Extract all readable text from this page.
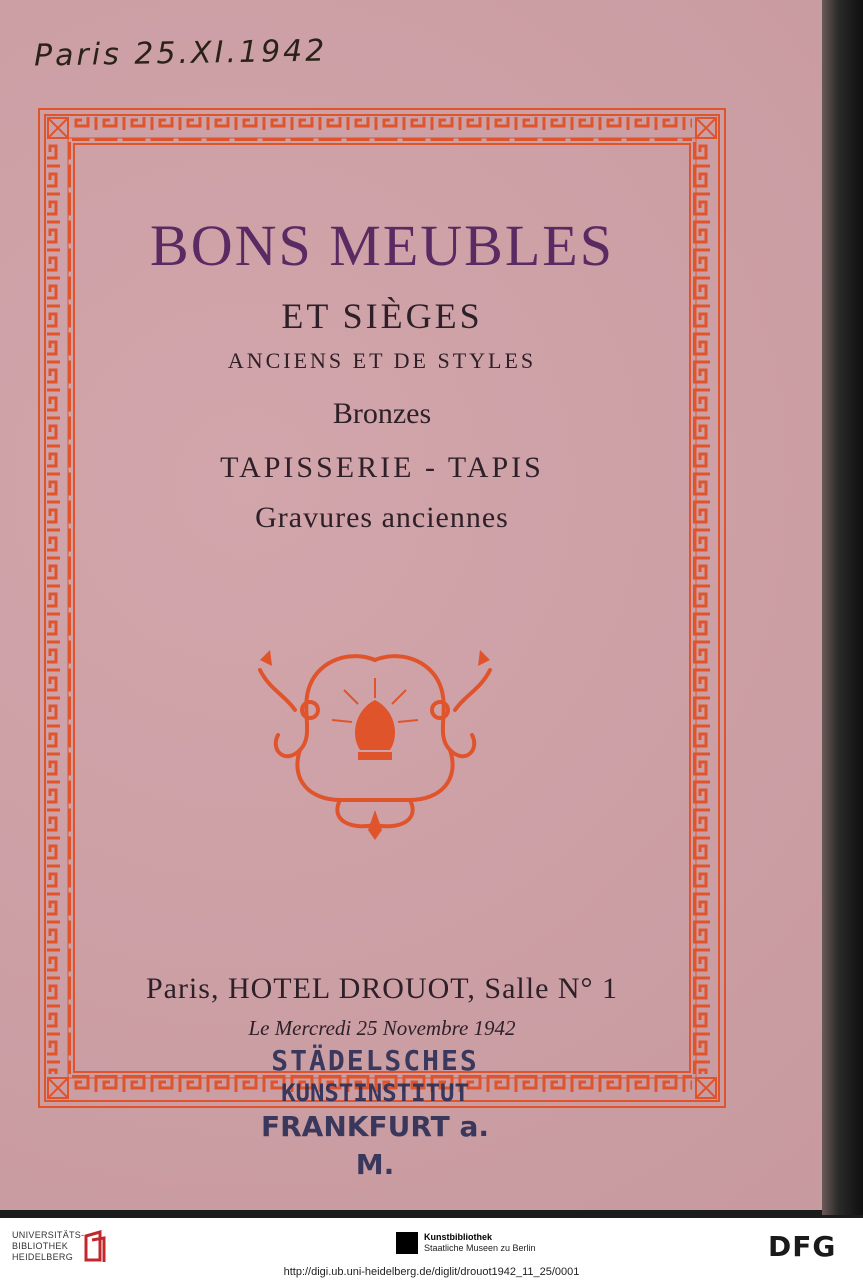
Paris 25.XI.1942
BONS MEUBLES
ET SIÈGES
ANCIENS ET DE STYLES
Bronzes
TAPISSERIE - TAPIS
Gravures anciennes
Paris, HOTEL DROUOT, Salle N° 1
Le Mercredi 25 Novembre 1942
STÄDELSCHES
KUNSTINSTITUT
FRANKFURT a. M.
UNIVERSITÄTS-
BIBLIOTHEK
HEIDELBERG
Kunstbibliothek
Staatliche Museen zu Berlin	DFG
http://digi.ub.uni-heidelberg.de/diglit/drouot1942_11_25/0001
